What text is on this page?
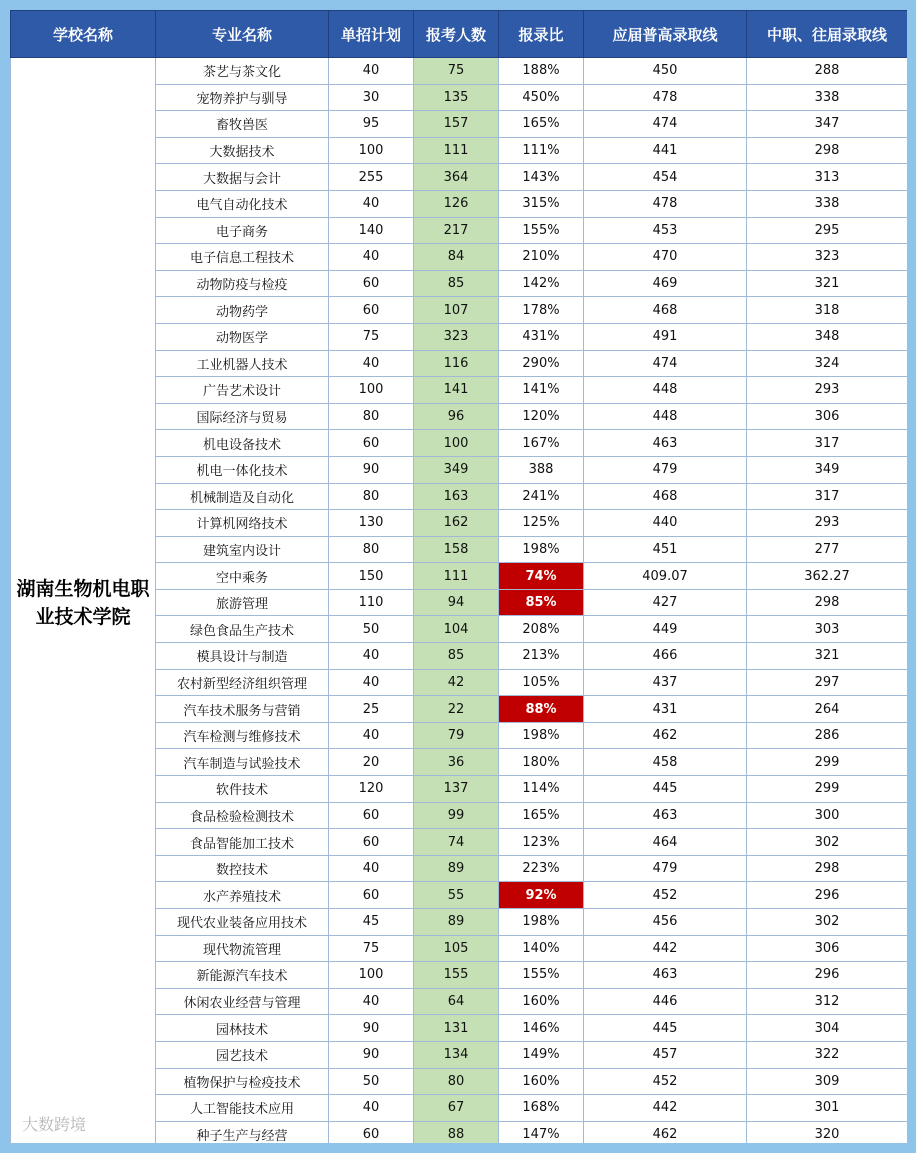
学校名称	专业名称	单招计划	报考人数	报录比	应届普高录取线	中职、往届录取线
湖南生物机电职业技术学院	茶艺与茶文化	40	75	188%	450	288
	宠物养护与驯导	30	135	450%	478	338
	畜牧兽医	95	157	165%	474	347
	大数据技术	100	111	111%	441	298
	大数据与会计	255	364	143%	454	313
	电气自动化技术	40	126	315%	478	338
	电子商务	140	217	155%	453	295
	电子信息工程技术	40	84	210%	470	323
	动物防疫与检疫	60	85	142%	469	321
	动物药学	60	107	178%	468	318
	动物医学	75	323	431%	491	348
	工业机器人技术	40	116	290%	474	324
	广告艺术设计	100	141	141%	448	293
	国际经济与贸易	80	96	120%	448	306
	机电设备技术	60	100	167%	463	317
	机电一体化技术	90	349	388	479	349
	机械制造及自动化	80	163	241%	468	317
	计算机网络技术	130	162	125%	440	293
	建筑室内设计	80	158	198%	451	277
	空中乘务	150	111	74%	409.07	362.27
	旅游管理	110	94	85%	427	298
	绿色食品生产技术	50	104	208%	449	303
	模具设计与制造	40	85	213%	466	321
	农村新型经济组织管理	40	42	105%	437	297
	汽车技术服务与营销	25	22	88%	431	264
	汽车检测与维修技术	40	79	198%	462	286
	汽车制造与试验技术	20	36	180%	458	299
	软件技术	120	137	114%	445	299
	食品检验检测技术	60	99	165%	463	300
	食品智能加工技术	60	74	123%	464	302
	数控技术	40	89	223%	479	298
	水产养殖技术	60	55	92%	452	296
	现代农业装备应用技术	45	89	198%	456	302
	现代物流管理	75	105	140%	442	306
	新能源汽车技术	100	155	155%	463	296
	休闲农业经营与管理	40	64	160%	446	312
	园林技术	90	131	146%	445	304
	园艺技术	90	134	149%	457	322
	植物保护与检疫技术	50	80	160%	452	309
	人工智能技术应用	40	67	168%	442	301
	种子生产与经营	60	88	147%	462	320
大数跨境
